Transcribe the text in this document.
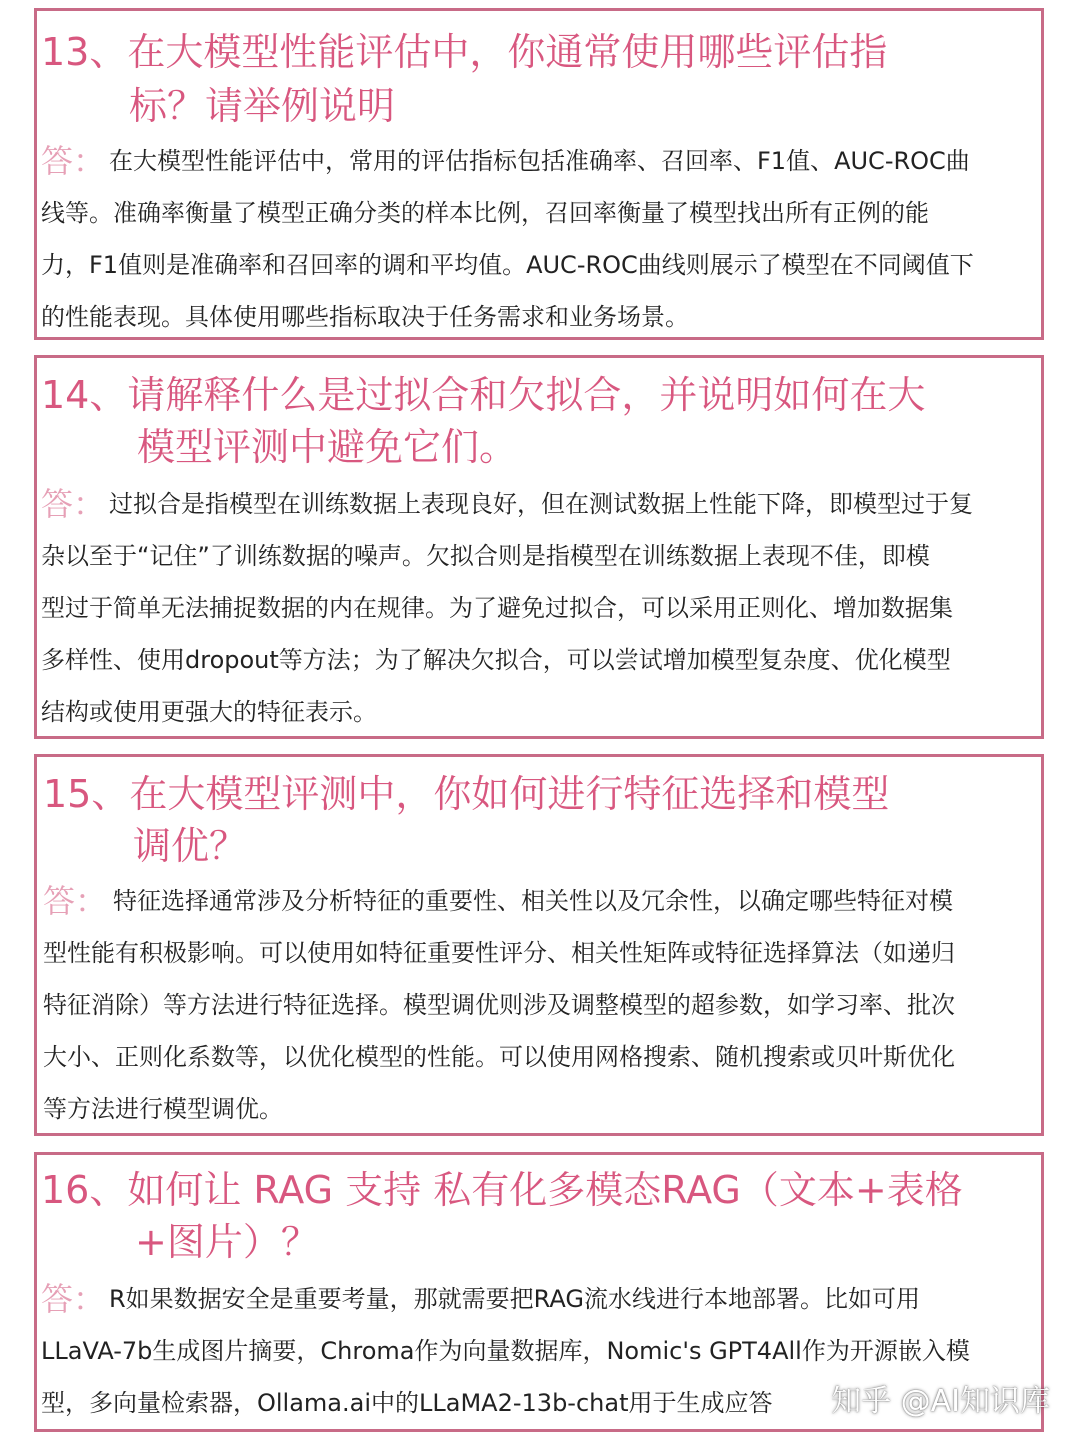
13、在大模型性能评估中，你通常使用哪些评估指
标？请举例说明
答： 在大模型性能评估中，常用的评估指标包括准确率、召回率、F1值、AUC-ROC曲
线等。准确率衡量了模型正确分类的样本比例，召回率衡量了模型找出所有正例的能
力，F1值则是准确率和召回率的调和平均值。AUC-ROC曲线则展示了模型在不同阈值下
的性能表现。具体使用哪些指标取决于任务需求和业务场景。
14、请解释什么是过拟合和欠拟合，并说明如何在大
模型评测中避免它们。
答： 过拟合是指模型在训练数据上表现良好，但在测试数据上性能下降，即模型过于复
杂以至于“记住”了训练数据的噪声。欠拟合则是指模型在训练数据上表现不佳，即模
型过于简单无法捕捉数据的内在规律。为了避免过拟合，可以采用正则化、增加数据集
多样性、使用dropout等方法；为了解决欠拟合，可以尝试增加模型复杂度、优化模型
结构或使用更强大的特征表示。
15、在大模型评测中，你如何进行特征选择和模型
调优？
答： 特征选择通常涉及分析特征的重要性、相关性以及冗余性，以确定哪些特征对模
型性能有积极影响。可以使用如特征重要性评分、相关性矩阵或特征选择算法（如递归
特征消除）等方法进行特征选择。模型调优则涉及调整模型的超参数，如学习率、批次
大小、正则化系数等，以优化模型的性能。可以使用网格搜索、随机搜索或贝叶斯优化
等方法进行模型调优。
16、如何让 RAG 支持 私有化多模态RAG（文本+表格
+图片）？
答： R如果数据安全是重要考量，那就需要把RAG流水线进行本地部署。比如可用
LLaVA-7b生成图片摘要，Chroma作为向量数据库，Nomic's GPT4All作为开源嵌入模
型，多向量检索器，Ollama.ai中的LLaMA2-13b-chat用于生成应答 知乎 @AI知识库
